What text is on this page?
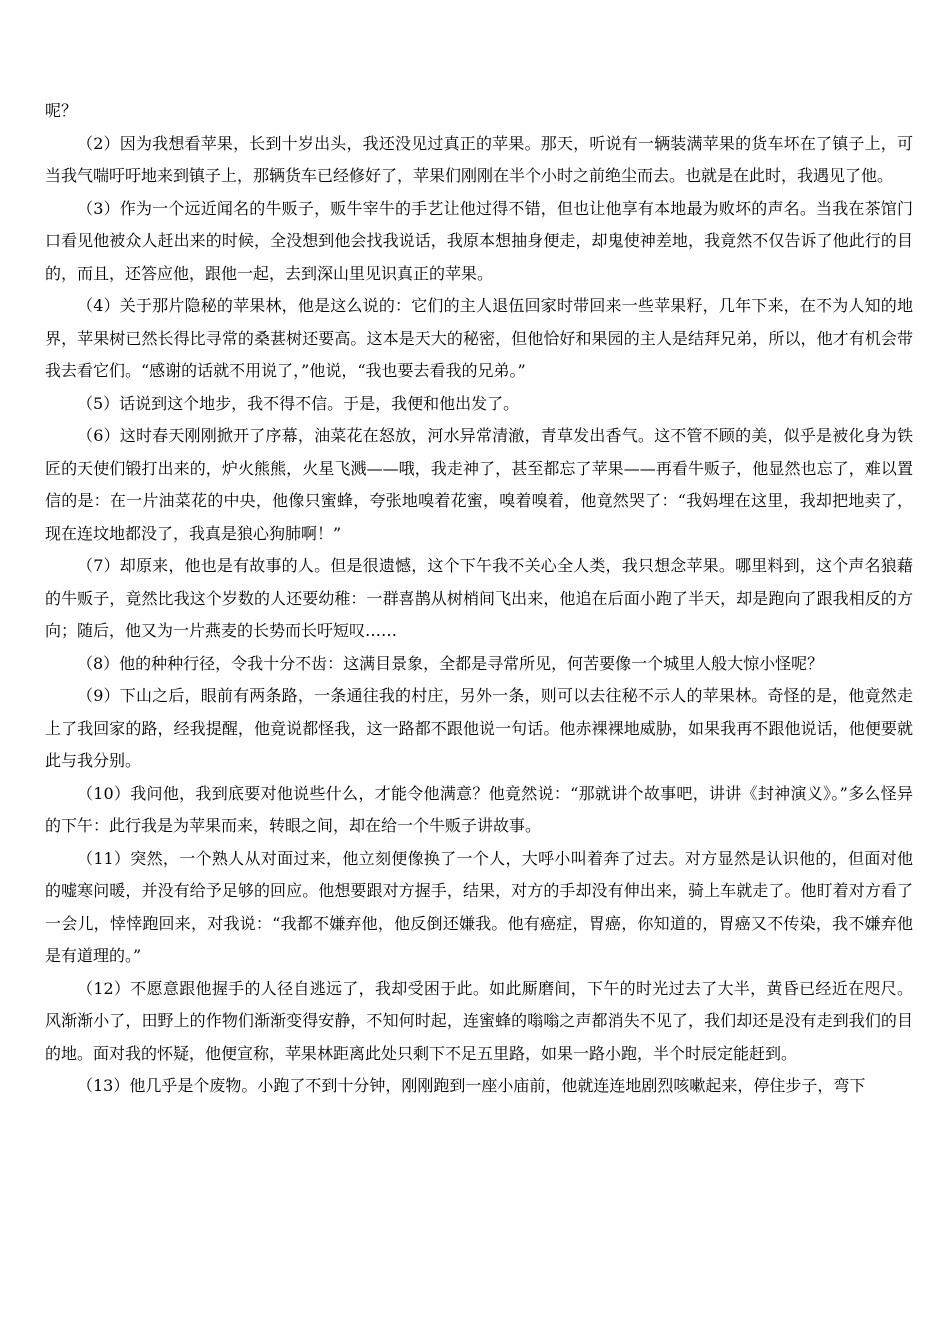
呢？

（2）因为我想看苹果，长到十岁出头，我还没见过真正的苹果。那天，听说有一辆装满苹果的货车坏在了镇子上，可当我气喘吁吁地来到镇子上，那辆货车已经修好了，苹果们刚刚在半个小时之前绝尘而去。也就是在此时，我遇见了他。

（3）作为一个远近闻名的牛贩子，贩牛宰牛的手艺让他过得不错，但也让他享有本地最为败坏的声名。当我在茶馆门口看见他被众人赶出来的时候，全没想到他会找我说话，我原本想抽身便走，却鬼使神差地，我竟然不仅告诉了他此行的目的，而且，还答应他，跟他一起，去到深山里见识真正的苹果。

（4）关于那片隐秘的苹果林，他是这么说的：它们的主人退伍回家时带回来一些苹果籽，几年下来，在不为人知的地界，苹果树已然长得比寻常的桑葚树还要高。这本是天大的秘密，但他恰好和果园的主人是结拜兄弟，所以，他才有机会带我去看它们。“感谢的话就不用说了，”他说，“我也要去看我的兄弟。”

（5）话说到这个地步，我不得不信。于是，我便和他出发了。

（6）这时春天刚刚掀开了序幕，油菜花在怒放，河水异常清澈，青草发出香气。这不管不顾的美，似乎是被化身为铁匠的天使们锻打出来的，炉火熊熊，火星飞溅——哦，我走神了，甚至都忘了苹果——再看牛贩子，他显然也忘了，难以置信的是：在一片油菜花的中央，他像只蜜蜂，夸张地嗅着花蜜，嗅着嗅着，他竟然哭了：“我妈埋在这里，我却把地卖了，现在连坟地都没了，我真是狼心狗肺啊！”

（7）却原来，他也是有故事的人。但是很遗憾，这个下午我不关心全人类，我只想念苹果。哪里料到，这个声名狼藉的牛贩子，竟然比我这个岁数的人还要幼稚：一群喜鹊从树梢间飞出来，他追在后面小跑了半天，却是跑向了跟我相反的方向；随后，他又为一片燕麦的长势而长吁短叹……

（8）他的种种行径，令我十分不齿：这满目景象，全都是寻常所见，何苦要像一个城里人般大惊小怪呢？

（9）下山之后，眼前有两条路，一条通往我的村庄，另外一条，则可以去往秘不示人的苹果林。奇怪的是，他竟然走上了我回家的路，经我提醒，他竟说都怪我，这一路都不跟他说一句话。他赤裸裸地威胁，如果我再不跟他说话，他便要就此与我分别。

（10）我问他，我到底要对他说些什么，才能令他满意？他竟然说：“那就讲个故事吧，讲讲《封神演义》。”多么怪异的下午：此行我是为苹果而来，转眼之间，却在给一个牛贩子讲故事。

（11）突然，一个熟人从对面过来，他立刻便像换了一个人，大呼小叫着奔了过去。对方显然是认识他的，但面对他的嘘寒问暖，并没有给予足够的回应。他想要跟对方握手，结果，对方的手却没有伸出来，骑上车就走了。他盯着对方看了一会儿，悻悻跑回来，对我说：“我都不嫌弃他，他反倒还嫌我。他有癌症，胃癌，你知道的，胃癌又不传染，我不嫌弃他是有道理的。”

（12）不愿意跟他握手的人径自逃远了，我却受困于此。如此厮磨间，下午的时光过去了大半，黄昏已经近在咫尺。风渐渐小了，田野上的作物们渐渐变得安静，不知何时起，连蜜蜂的嗡嗡之声都消失不见了，我们却还是没有走到我们的目的地。面对我的怀疑，他便宣称，苹果林距离此处只剩下不足五里路，如果一路小跑，半个时辰定能赶到。

（13）他几乎是个废物。小跑了不到十分钟，刚刚跑到一座小庙前，他就连连地剧烈咳嗽起来，停住步子，弯下
